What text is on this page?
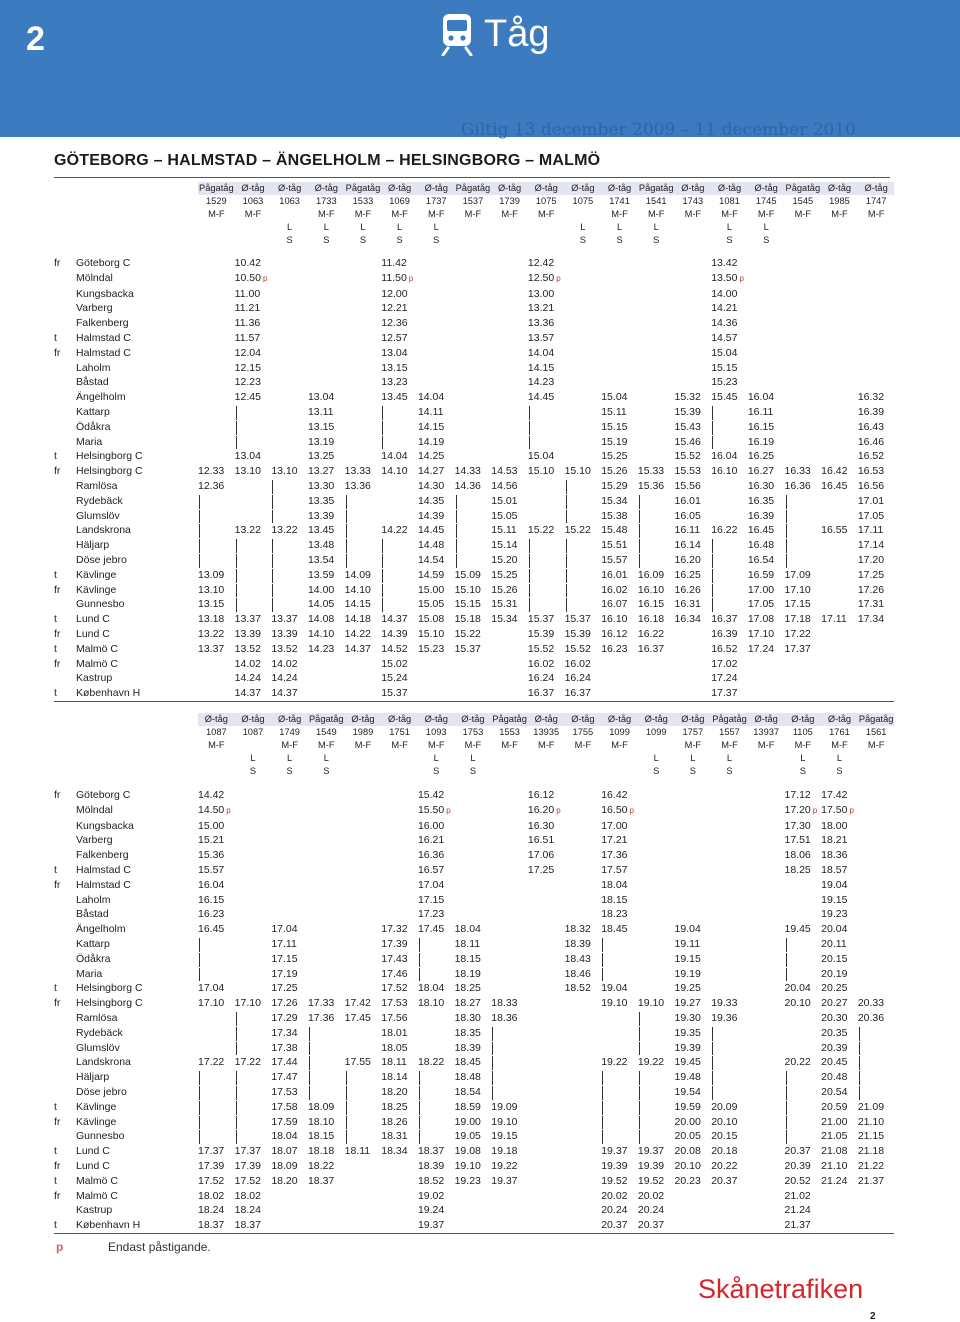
2	Tåg
Giltig 13 december 2009 – 11 december 2010
GÖTEBORG – HALMSTAD – ÄNGELHOLM – HELSINGBORG – MALMÖ
		Pågatåg	Ø-tåg	Ø-tåg	Ø-tåg	Pågatåg	Ø-tåg	Ø-tåg	Pågatåg	Ø-tåg	Ø-tåg	Ø-tåg	Ø-tåg	Pågatåg	Ø-tåg	Ø-tåg	Ø-tåg	Pågatåg	Ø-tåg	Ø-tåg
		1529	1063	1063	1733	1533	1069	1737	1537	1739	1075	1075	1741	1541	1743	1081	1745	1545	1985	1747
		M-F	M-F		M-F	M-F	M-F	M-F	M-F	M-F	M-F		M-F	M-F	M-F	M-F	M-F	M-F	M-F	M-F
				L	L	L	L	L				L	L	L		L	L			
				S	S	S	S	S				S	S	S		S	S			
fr	Göteborg C		10.42				11.42				12.42					13.42				
	Mölndal		10.50 p				11.50 p				12.50 p					13.50 p				
	Kungsbacka		11.00				12.00				13.00					14.00				
	Varberg		11.21				12.21				13.21					14.21				
	Falkenberg		11.36				12.36				13.36					14.36				
t	Halmstad C		11.57				12.57				13.57					14.57				
fr	Halmstad C		12.04				13.04				14.04					15.04				
	Laholm		12.15				13.15				14.15					15.15				
	Båstad		12.23				13.23				14.23					15.23				
	Ängelholm		12.45		13.04		13.45	14.04			14.45		15.04		15.32	15.45	16.04			16.32
	Kattarp				13.11			14.11					15.11		15.39		16.11			16.39
	Ödåkra				13.15			14.15					15.15		15.43		16.15			16.43
	Maria				13.19			14.19					15.19		15.46		16.19			16.46
t	Helsingborg C		13.04		13.25		14.04	14.25			15.04		15.25		15.52	16.04	16.25			16.52
fr	Helsingborg C	12.33	13.10	13.10	13.27	13.33	14.10	14.27	14.33	14.53	15.10	15.10	15.26	15.33	15.53	16.10	16.27	16.33	16.42	16.53
	Ramlösa	12.36			13.30	13.36		14.30	14.36	14.56			15.29	15.36	15.56		16.30	16.36	16.45	16.56
	Rydebäck				13.35			14.35		15.01			15.34		16.01		16.35			17.01
	Glumslöv				13.39			14.39		15.05			15.38		16.05		16.39			17.05
	Landskrona		13.22	13.22	13.45		14.22	14.45		15.11	15.22	15.22	15.48		16.11	16.22	16.45		16.55	17.11
	Häljarp				13.48			14.48		15.14			15.51		16.14		16.48			17.14
	Döse jebro				13.54			14.54		15.20			15.57		16.20		16.54			17.20
t	Kävlinge	13.09			13.59	14.09		14.59	15.09	15.25			16.01	16.09	16.25		16.59	17.09		17.25
fr	Kävlinge	13.10			14.00	14.10		15.00	15.10	15.26			16.02	16.10	16.26		17.00	17.10		17.26
	Gunnesbo	13.15			14.05	14.15		15.05	15.15	15.31			16.07	16.15	16.31		17.05	17.15		17.31
t	Lund C	13.18	13.37	13.37	14.08	14.18	14.37	15.08	15.18	15.34	15.37	15.37	16.10	16.18	16.34	16.37	17.08	17.18	17.11	17.34
fr	Lund C	13.22	13.39	13.39	14.10	14.22	14.39	15.10	15.22		15.39	15.39	16.12	16.22		16.39	17.10	17.22		
t	Malmö C	13.37	13.52	13.52	14.23	14.37	14.52	15.23	15.37		15.52	15.52	16.23	16.37		16.52	17.24	17.37		
fr	Malmö C		14.02	14.02			15.02				16.02	16.02				17.02				
	Kastrup		14.24	14.24			15.24				16.24	16.24				17.24				
t	København H		14.37	14.37			15.37				16.37	16.37				17.37				
		Ø-tåg	Ø-tåg	Ø-tåg	Pågatåg	Ø-tåg	Ø-tåg	Ø-tåg	Ø-tåg	Pågatåg	Ø-tåg	Ø-tåg	Ø-tåg	Ø-tåg	Ø-tåg	Pågatåg	Ø-tåg	Ø-tåg	Ø-tåg	Pågatåg
		1087	1087	1749	1549	1989	1751	1093	1753	1553	13935	1755	1099	1099	1757	1557	13937	1105	1761	1561
		M-F		M-F	M-F	M-F	M-F	M-F	M-F	M-F	M-F	M-F	M-F		M-F	M-F	M-F	M-F	M-F	M-F
			L	L	L			L	L					L	L	L		L	L	
			S	S	S			S	S					S	S	S		S	S	
fr	Göteborg C	14.42						15.42			16.12		16.42					17.12	17.42	
	Mölndal	14.50 p						15.50 p			16.20 p		16.50 p					17.20 p	17.50 p	
	Kungsbacka	15.00						16.00			16.30		17.00					17.30	18.00	
	Varberg	15.21						16.21			16.51		17.21					17.51	18.21	
	Falkenberg	15.36						16.36			17.06		17.36					18.06	18.36	
t	Halmstad C	15.57						16.57			17.25		17.57					18.25	18.57	
fr	Halmstad C	16.04						17.04					18.04						19.04	
	Laholm	16.15						17.15					18.15						19.15	
	Båstad	16.23						17.23					18.23						19.23	
	Ängelholm	16.45		17.04			17.32	17.45	18.04			18.32	18.45		19.04			19.45	20.04	
	Kattarp			17.11			17.39		18.11			18.39			19.11				20.11	
	Ödåkra			17.15			17.43		18.15			18.43			19.15				20.15	
	Maria			17.19			17.46		18.19			18.46			19.19				20.19	
t	Helsingborg C	17.04		17.25			17.52	18.04	18.25			18.52	19.04		19.25			20.04	20.25	
fr	Helsingborg C	17.10	17.10	17.26	17.33	17.42	17.53	18.10	18.27	18.33			19.10	19.10	19.27	19.33		20.10	20.27	20.33
	Ramlösa			17.29	17.36	17.45	17.56		18.30	18.36					19.30	19.36			20.30	20.36
	Rydebäck			17.34			18.01		18.35						19.35				20.35	

	Glumslöv			17.38			18.05		18.39						19.39				20.39	

	Landskrona	17.22	17.22	17.44		17.55	18.11	18.22	18.45				19.22	19.22	19.45			20.22	20.45	

	Häljarp			17.47			18.14		18.48						19.48				20.48	

	Döse jebro			17.53			18.20		18.54						19.54				20.54	

t	Kävlinge			17.58	18.09		18.25		18.59	19.09					19.59	20.09			20.59	21.09
fr	Kävlinge			17.59	18.10		18.26		19.00	19.10					20.00	20.10			21.00	21.10
	Gunnesbo			18.04	18.15		18.31		19.05	19.15					20.05	20.15			21.05	21.15
t	Lund C	17.37	17.37	18.07	18.18	18.11	18.34	18.37	19.08	19.18			19.37	19.37	20.08	20.18		20.37	21.08	21.18
fr	Lund C	17.39	17.39	18.09	18.22			18.39	19.10	19.22			19.39	19.39	20.10	20.22		20.39	21.10	21.22
t	Malmö C	17.52	17.52	18.20	18.37			18.52	19.23	19.37			19.52	19.52	20.23	20.37		20.52	21.24	21.37
fr	Malmö C	18.02	18.02					19.02					20.02	20.02				21.02		
	Kastrup	18.24	18.24					19.24					20.24	20.24				21.24		
t	København H	18.37	18.37					19.37					20.37	20.37				21.37		
p	Endast påstigande.
Skånetrafiken
2
